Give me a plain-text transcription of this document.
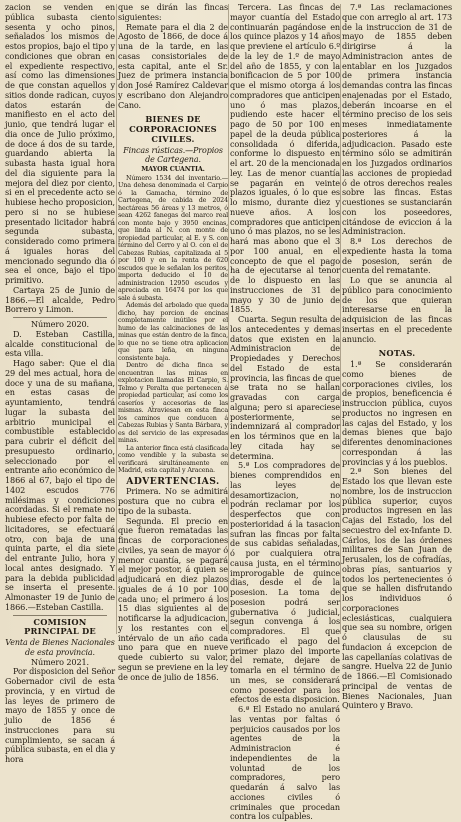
zacion se venden en pública subasta ciento sesenta y ocho pinos, señalados los mismos de estos propios, bajo el tipo y condiciones que obran en el expediente respectivo, así como las dimensiones de que constan aquellos y sitios donde radican, cuyos datos estarán de manifiesto en el acto del junio, que tendrá lugar el dia once de Julio próximo, de doce á dos de su tarde, guardando abierta la subasta hasta igual hora del dia siguiente para la mejora del diez por ciento, si en el precedente acto se hubiese hecho proposicion, pero si no se hubiese presentado licitador habrá segunda subasta, considerado como primera á iguales horas del mencionado segundo dia ó sea el once, bajo el tipo primitivo.

Cartaya 25 de Junio de 1866.—El alcalde, Pedro Borrero y Limon.

Número 2020.

D. Esteban Castilla, alcalde constitucional de esta villa.

Hago saber: Que el dia 29 del mes actual, hora de doce y una de su mañana, en estas casas de ayuntamiento, tendrá lugar la subasta del arbitrio municipal el combustible establecido para cubrir el déficit del presupuesto ordinario, seleccionado por el entrante año económico de 1866 al 67, bajo el tipo de 1402 escudos 776 milésimas y condiciones acordadas. Si el remate no hubiese efecto por falta de licitadores, se efectuará otro, con baja de una quinta parte, el dia siete del entrante Julio, hora y local antes designado. Y para la debida publicidad se inserta el presente. Almonaster 19 de Junio de 1866.—Esteban Castilla.

COMISION PRINCIPAL DE
Venta de Bienes Nacionales de esta provincia.

Número 2021.

Por disposicion del Señor Gobernador civil de esta provincia, y en virtud de las leyes de primero de mayo de 1855 y once de julio de 1856 é instrucciones para su cumplimiento, se sacan á pública subasta, en el dia y hora

que se dirán las fincas siguientes:

Remate para el dia 2 de Agosto de 1866, de doce á una de la tarde, en las casas consistoriales de esta capital, ante el Sr. Juez de primera instancia don José Ramírez Caldevar y escribano don Alejandro Cano.

BIENES DE CORPORACIONES CIVILES.
Fincas rústicas.—Propios de Cartegena.
MAYOR CUANTIA.

Número 1534 del inventario.—Una dehesa denominada el Carpio ó la Gamacha, término de Cartegena, de cabida de 2024 hectáreas 56 áreas y 13 metros, ó sean 4262 fanegas del marco real con monte bajo y 3950 encinas, que linda al N. con monte de propiedad particular, al E. y S. con término del Cerro y al O. con el de Cabezas Rubias, capitalizada al 5 por 100 y en la renta de 620 escudos que le señalan los peritos, importa deducido el 10 de administracion 12950 escudos y apreciada en 16474 por los que sale á subasta.

Además del arbolado que queda dicho, hay porcion de encinas completamente inútiles por el humo de las calcinaciones de las minas que están dentro de la finca, lo que no se tiene otra aplicacion que para leña, en ninguna consistente baja.

Dentro de dicha finca se encuentran las minas en explotacion llamadas El Carpio, S. Telmo y Peralta que pertenecen á propiedad particular, así como los caseríos y accesorias de las mismas. Atraviesan en esta finca los caminos que conducen á Cabezas Rubias y Santa Bárbara, y es del servicio de las expresadas minas.

La anterior finca está clasificada como vendible y la subasta se verificará sirultáneamente en Madrid, esta capital y Aracena.

ADVERTENCIAS.

Primera. No se admitirá postura que no cubra el tipo de la subasta.

Segunda. El precio en que fueron rematadas las fincas de corporaciones civiles, ya sean de mayor ó menor cuantía, se pagará el mejor postor, á quien se adjudicará en diez plazos iguales de á 10 por 100 cada uno; el primero á los 15 dias siguientes al de notificarse la adjudicacion, y los restantes con el intérvalo de un año cada uno para que en nueve quede cubierto su valor, segun se previene en la ley de once de julio de 1856.

Tercera. Las fincas de mayor cuantía del Estado continuarán pagándose en los quince plazos y 14 años que previene el artículo 6.º de la ley de 1.º de mayo del año de 1855, y con la bonificacion de 5 por 100 que el mismo otorga á los compradores que anticipen uno ó mas plazos, pudiendo este hacer el pago de 50 por 100 en papel de la deuda pública consolidada ó diferida, conforme lo dispuesto en el art. 20 de la mencionada ley. Las de menor cuantía se pagarán en veinte plazos iguales, ó lo que es lo mismo, durante diez y nueve años. A los compradores que anticipen uno ó mas plazos, no se les hará mas abono que el 3 por 100 anual, en el concepto de que el pago ha de ejecutarse al tenor de lo dispuesto en las instrucciones de 31 de mayo y 30 de junio de 1855.

Cuarta. Segun resulta de los antecedentes y demas datos que existen en la Administracion de Propiedades y Derechos del Estado de esta provincia, las fincas de que se trata no se hallan gravadas con carga alguna; pero si apareciese posteriormente, se indemnizará al comprador en los términos que en la ley citada hay se determina.

5.ª Los compradores de bienes comprendidos en las leyes de desamortizacion, no podrán reclamar por los desperfectos que con posterioridad á la tasacion sufran las fincas por falta de sus cabidas señaladas, ó por cualquiera otra causa justa, en el término improrogable de quince dias, desde el de la posesion. La toma de posesion podrá ser gubernativa ó judicial, segun convenga á los compradores. El que verificado el pago del primer plazo del importe del remate, dejare de tomarla en el término de un mes, se considerará como poseedor para los efectos de esta disposicion.

6.ª El Estado no anulará las ventas por faltas ó perjuicios causados por los agentes de la Administracion é independientes de la voluntad de los compradores, pero quedarán á salvo las acciones civiles ó criminales que procedan contra los culpables.

7.ª Las reclamaciones que con arreglo al art. 173 de la instruccion de 31 de mayo de 1855 deben dirigirse á la Administracion antes de entablar en los Juzgados de primera instancia demandas contra las fincas enajenadas por el Estado, deberán incoarse en el término preciso de los seis meses inmediatamente posteriores á la adjudicacion. Pasado este término sólo se admitirán en los Juzgados ordinarios las acciones de propiedad ó de otros derechos reales sobre las fincas. Estas cuestiones se sustanciarán con los poseedores, citándose de eviccion á la Administracion.

8.ª Los derechos de expediente hasta la toma de posesion, serán de cuenta del rematante.

Lo que se anuncia al público para conocimiento de los que quieran interesarse en la adquisicion de las fincas insertas en el precedente anuncio.

NOTAS.

1.ª Se considerarán como bienes de corporaciones civiles, los de propios, beneficencia é instruccion pública, cuyos productos no ingresen en las cajas del Estado, y los demas bienes que bajo diferentes denominaciones correspondan á las provincias y á los pueblos.

2.ª Son bienes del Estado los que llevan este nombre, los de instruccion pública superior, cuyos productos ingresen en las Cajas del Estado, los del secuestro del ex-Infante D. Cárlos, los de las órdenes militares de San Juan de Jerusalen, los de cofradías, obras pías, santuarios y todos los pertenecientes ó que se hallen disfrutando los individuos ó corporaciones eclesiásticas, cualquiera que sea su nombre, origen ó clausulas de su fundacion á excepcion de las capellanías colativas de sangre. Huelva 22 de Junio de 1866.—El Comisionado principal de ventas de Bienes Nacionales, Juan Quintero y Bravo.
